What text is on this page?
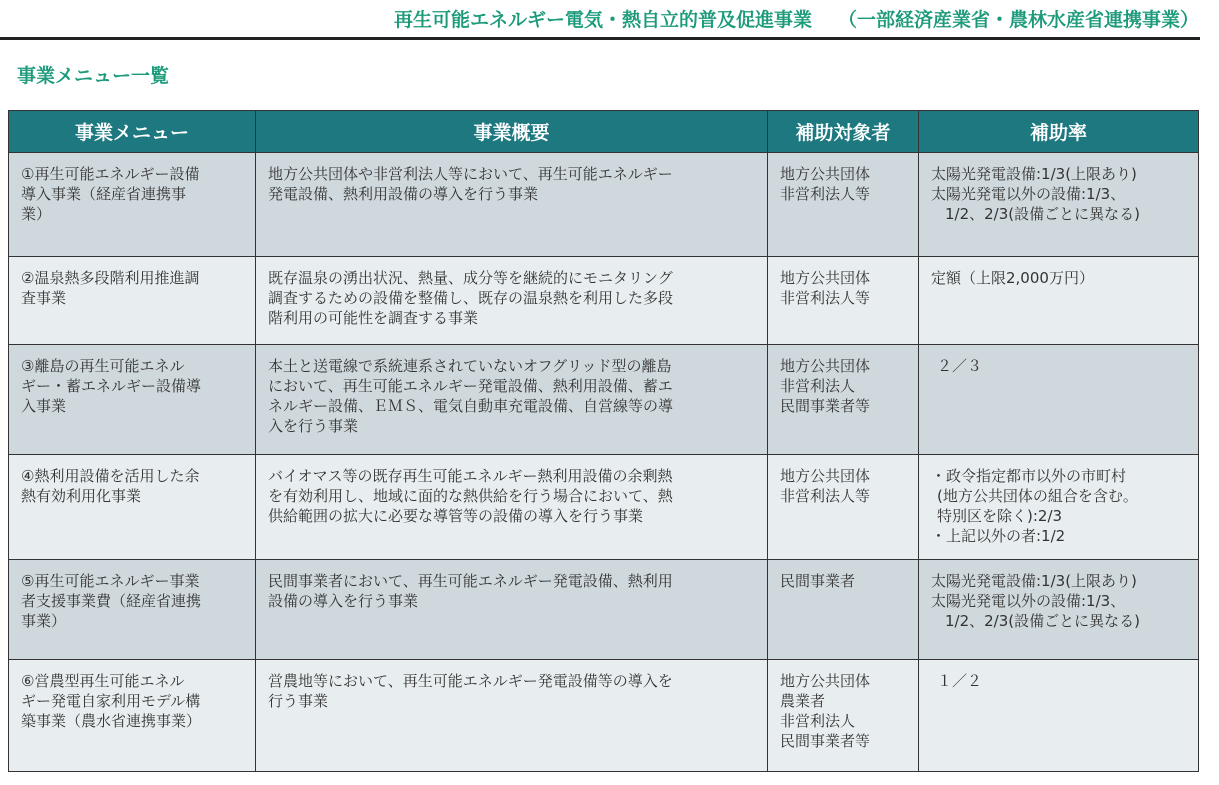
再生可能エネルギー電気・熱自立的普及促進事業 （一部経済産業省・農林水産省連携事業）
事業メニュー一覧
事業メニュー	事業概要	補助対象者	補助率

①再生可能エネルギー設備
導入事業（経産省連携事
業）	地方公共団体や非営利法人等において、再生可能エネルギー
発電設備、熱利用設備の導入を行う事業	地方公共団体
非営利法人等	太陽光発電設備:1/3(上限あり)
太陽光発電以外の設備:1/3、
1/2、2/3(設備ごとに異なる)

②温泉熱多段階利用推進調
査事業	既存温泉の湧出状況、熱量、成分等を継続的にモニタリング
調査するための設備を整備し、既存の温泉熱を利用した多段
階利用の可能性を調査する事業	地方公共団体
非営利法人等	定額（上限2,000万円）

③離島の再生可能エネル
ギー・蓄エネルギー設備導
入事業	本土と送電線で系統連系されていないオフグリッド型の離島
において、再生可能エネルギー発電設備、熱利用設備、蓄エ
ネルギー設備、ＥＭＳ、電気自動車充電設備、自営線等の導
入を行う事業	地方公共団体
非営利法人
民間事業者等	２／３

④熱利用設備を活用した余
熱有効利用化事業	バイオマス等の既存再生可能エネルギー熱利用設備の余剰熱
を有効利用し、地域に面的な熱供給を行う場合において、熱
供給範囲の拡大に必要な導管等の設備の導入を行う事業	地方公共団体
非営利法人等	・政令指定都市以外の市町村
(地方公共団体の組合を含む。
特別区を除く):2/3
・上記以外の者:1/2

⑤再生可能エネルギー事業
者支援事業費（経産省連携
事業）	民間事業者において、再生可能エネルギー発電設備、熱利用
設備の導入を行う事業	民間事業者	太陽光発電設備:1/3(上限あり)
太陽光発電以外の設備:1/3、
1/2、2/3(設備ごとに異なる)

⑥営農型再生可能エネル
ギー発電自家利用モデル構
築事業（農水省連携事業）	営農地等において、再生可能エネルギー発電設備等の導入を
行う事業	地方公共団体
農業者
非営利法人
民間事業者等	１／２
